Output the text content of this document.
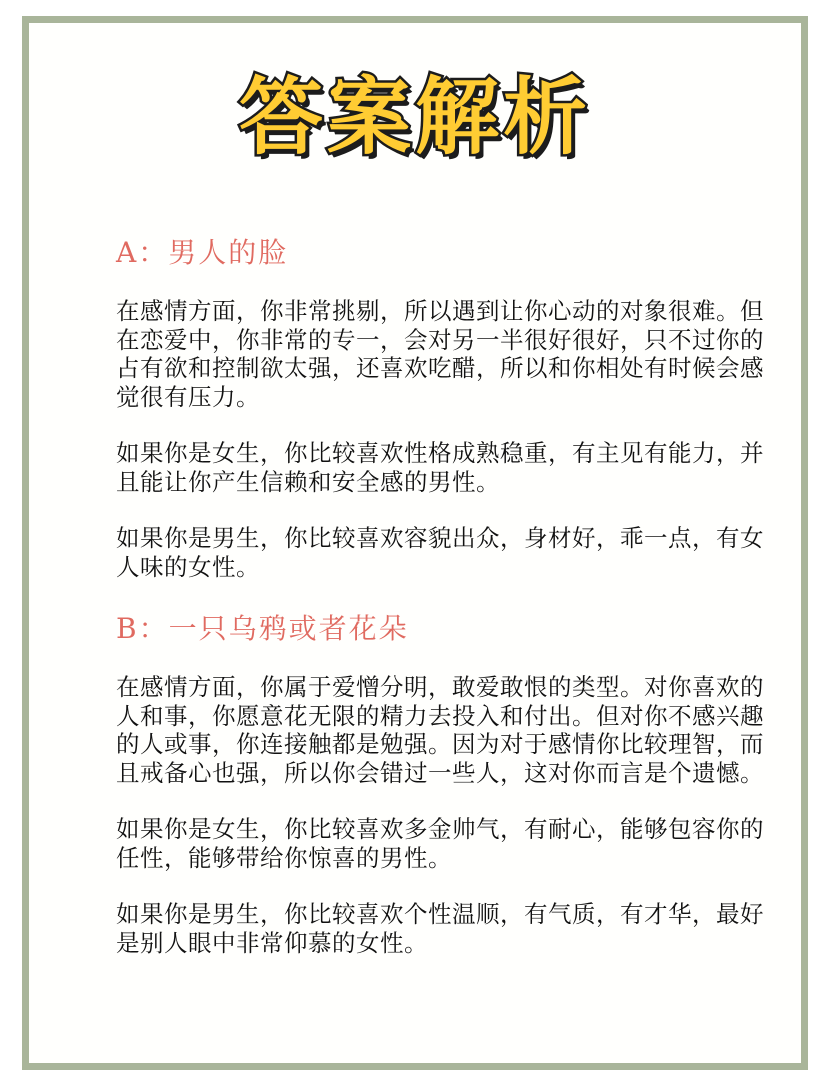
答案解析
A：男人的脸

在感情方面，你非常挑剔，所以遇到让你心动的对象很难。但在恋爱中，你非常的专一，会对另一半很好很好，只不过你的占有欲和控制欲太强，还喜欢吃醋，所以和你相处有时候会感觉很有压力。

如果你是女生，你比较喜欢性格成熟稳重，有主见有能力，并且能让你产生信赖和安全感的男性。

如果你是男生，你比较喜欢容貌出众，身材好，乖一点，有女人味的女性。

B：一只乌鸦或者花朵

在感情方面，你属于爱憎分明，敢爱敢恨的类型。对你喜欢的人和事，你愿意花无限的精力去投入和付出。但对你不感兴趣的人或事，你连接触都是勉强。因为对于感情你比较理智，而且戒备心也强，所以你会错过一些人，这对你而言是个遗憾。

如果你是女生，你比较喜欢多金帅气，有耐心，能够包容你的任性，能够带给你惊喜的男性。

如果你是男生，你比较喜欢个性温顺，有气质，有才华，最好是别人眼中非常仰慕的女性。
